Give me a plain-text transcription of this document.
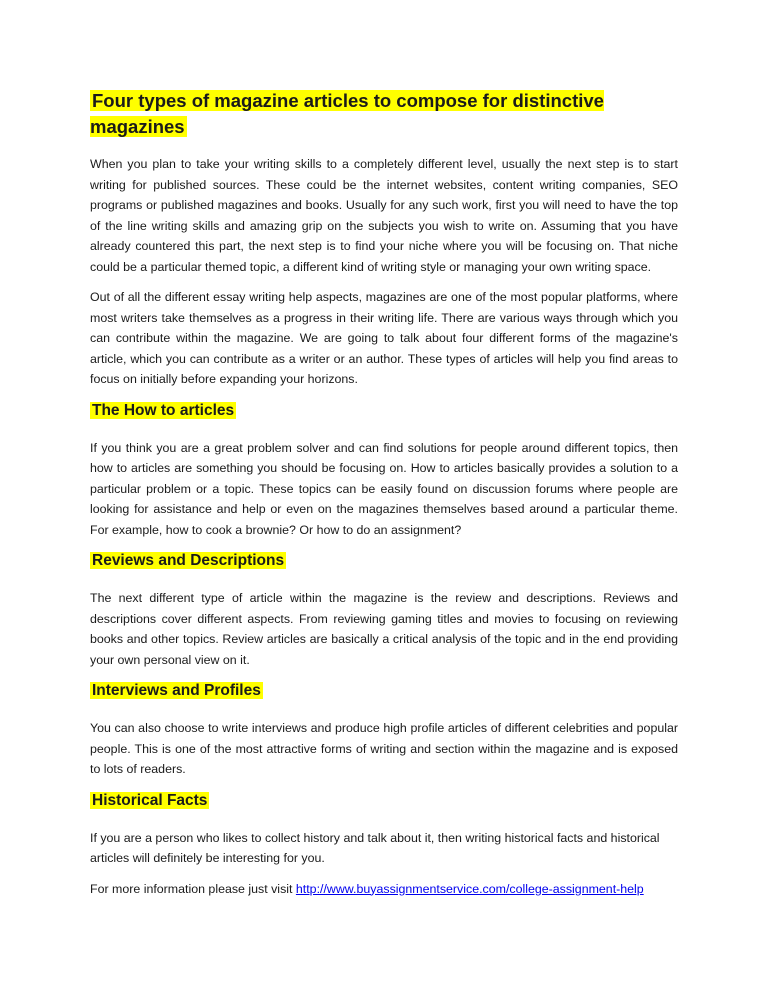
Four types of magazine articles to compose for distinctive magazines

When you plan to take your writing skills to a completely different level, usually the next step is to start writing for published sources. These could be the internet websites, content writing companies, SEO programs or published magazines and books. Usually for any such work, first you will need to have the top of the line writing skills and amazing grip on the subjects you wish to write on. Assuming that you have already countered this part, the next step is to find your niche where you will be focusing on. That niche could be a particular themed topic, a different kind of writing style or managing your own writing space.

Out of all the different essay writing help aspects, magazines are one of the most popular platforms, where most writers take themselves as a progress in their writing life. There are various ways through which you can contribute within the magazine. We are going to talk about four different forms of the magazine's article, which you can contribute as a writer or an author. These types of articles will help you find areas to focus on initially before expanding your horizons.

The How to articles

If you think you are a great problem solver and can find solutions for people around different topics, then how to articles are something you should be focusing on. How to articles basically provides a solution to a particular problem or a topic. These topics can be easily found on discussion forums where people are looking for assistance and help or even on the magazines themselves based around a particular theme. For example, how to cook a brownie? Or how to do an assignment?

Reviews and Descriptions

The next different type of article within the magazine is the review and descriptions. Reviews and descriptions cover different aspects. From reviewing gaming titles and movies to focusing on reviewing books and other topics. Review articles are basically a critical analysis of the topic and in the end providing your own personal view on it.

Interviews and Profiles

You can also choose to write interviews and produce high profile articles of different celebrities and popular people. This is one of the most attractive forms of writing and section within the magazine and is exposed to lots of readers.

Historical Facts

If you are a person who likes to collect history and talk about it, then writing historical facts and historical articles will definitely be interesting for you.

For more information please just visit http://www.buyassignmentservice.com/college-assignment-help
